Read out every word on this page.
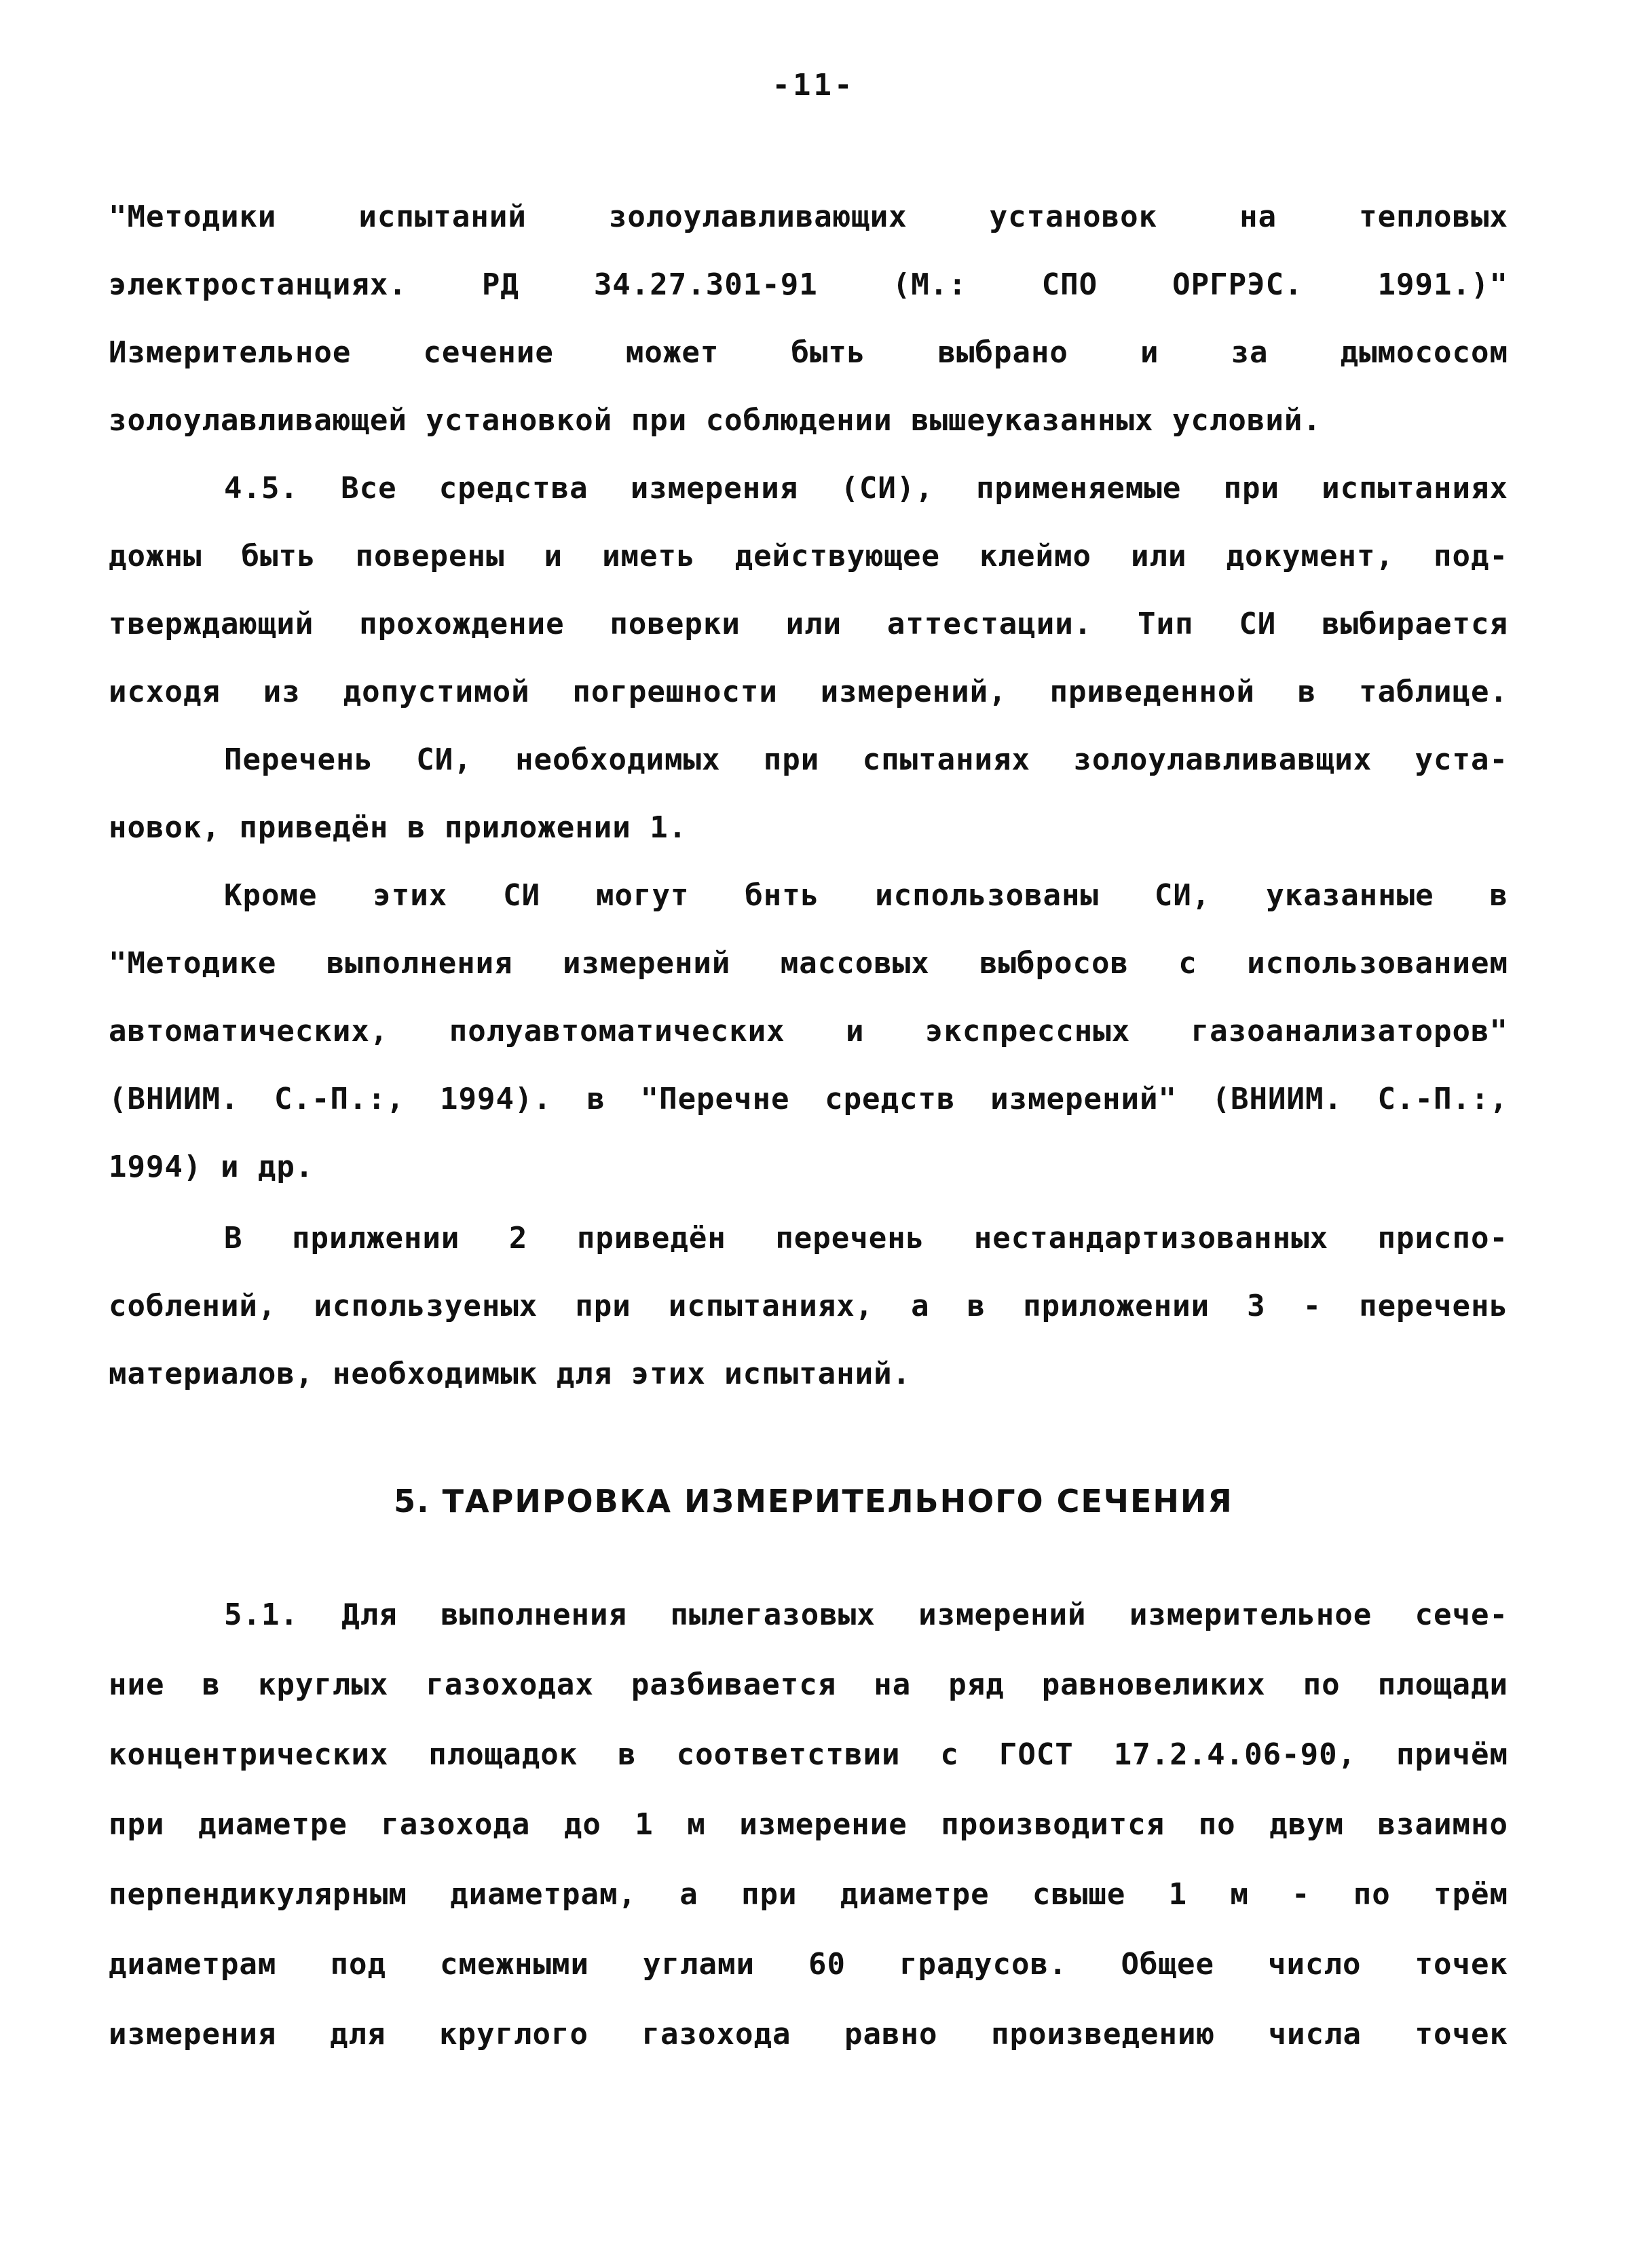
-11-
"Методики испытаний золоулавливающих установок на тепловых
электростанциях. РД 34.27.301-91 (М.: СПО ОРГРЭС. 1991.)"
Измерительное сечение может быть выбрано и за дымососом
золоулавливающей установкой при соблюдении вышеуказанных условий.
4.5. Все средства измерения (СИ), применяемые при испытаниях
дожны быть поверены и иметь действующее клеймо или документ, под-
тверждающий прохождение поверки или аттестации. Тип СИ выбирается
исходя из допустимой погрешности измерений, приведенной в таблице.
Перечень СИ, необходимых при спытаниях золоулавливавщих уста-
новок, приведён в приложении 1.
Кроме этих СИ могут бнть использованы СИ, указанные в
"Методике выполнения измерений массовых выбросов с использованием
автоматических, полуавтоматических и экспрессных газоанализаторов"
(ВНИИМ. С.-П.:, 1994). в "Перечне средств измерений" (ВНИИМ. С.-П.:,
1994) и др.
В прилжении 2 приведён перечень нестандартизованных приспо-
соблений, используеных при испытаниях, а в приложении 3 - перечень
материалов, необходимык для этих испытаний.
5. ТАРИРОВКА ИЗМЕРИТЕЛЬНОГО СЕЧЕНИЯ
5.1. Для выполнения пылегазовых измерений измерительное сече-
ние в круглых газоходах разбивается на ряд равновеликих по площади
концентрических площадок в соответствии с ГОСТ 17.2.4.06-90, причём
при диаметре газохода до 1 м измерение производится по двум взаимно
перпендикулярным диаметрам, а при диаметре свыше 1 м - по трём
диаметрам под смежными углами 60 градусов. Общее число точек
измерения для круглого газохода равно произведению числа точек
